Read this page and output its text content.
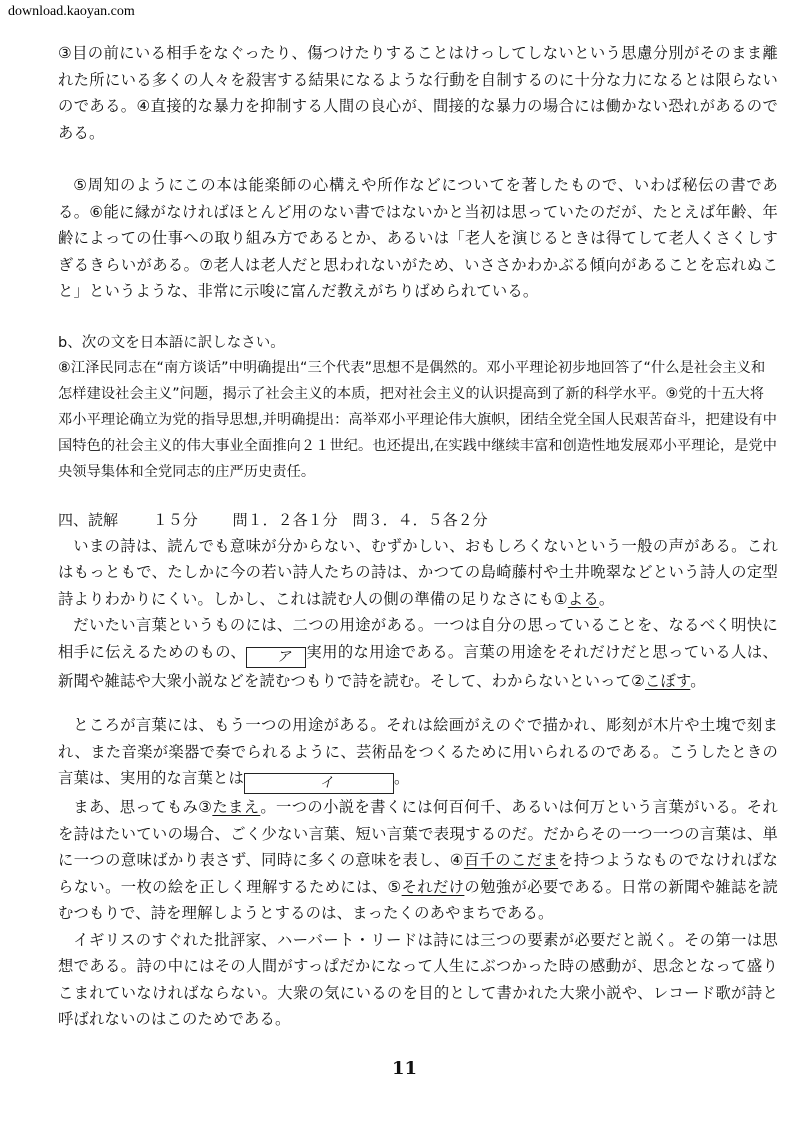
download.kaoyan.com

③目の前にいる相手をなぐったり、傷つけたりすることはけっしてしないという思慮分別がそのまま離れた所にいる多くの人々を殺害する結果になるような行動を自制するのに十分な力になるとは限らないのである。④直接的な暴力を抑制する人間の良心が、間接的な暴力の場合には働かない恐れがあるのである。

⑤周知のようにこの本は能楽師の心構えや所作などについてを著したもので、いわば秘伝の書である。⑥能に縁がなければほとんど用のない書ではないかと当初は思っていたのだが、たとえば年齢、年齢によっての仕事への取り組み方であるとか、あるいは「老人を演じるときは得てして老人くさくしすぎるきらいがある。⑦老人は老人だと思われないがため、いささかわかぶる傾向があることを忘れぬこと」というような、非常に示唆に富んだ教えがちりばめられている。

b、次の文を日本語に訳しなさい。

⑧江泽民同志在“南方谈话”中明确提出“三个代表”思想不是偶然的。邓小平理论初步地回答了“什么是社会主义和怎样建设社会主义”问题，揭示了社会主义的本质，把对社会主义的认识提高到了新的科学水平。⑨党的十五大将邓小平理论确立为党的指导思想,并明确提出：高举邓小平理论伟大旗帜，团结全党全国人民艰苦奋斗，把建设有中国特色的社会主义的伟大事业全面推向２１世纪。也还提出,在实践中继续丰富和创造性地发展邓小平理论，是党中央领导集体和全党同志的庄严历史责任。

四、読解 １５分 問１．２各１分　問３．４．５各２分

いまの詩は、読んでも意味が分からない、むずかしい、おもしろくないという一般の声がある。これはもっともで、たしかに今の若い詩人たちの詩は、かつての島崎藤村や土井晩翠などという詩人の定型詩よりわかりにくい。しかし、これは読む人の側の準備の足りなさにも①よる。

だいたい言葉というものには、二つの用途がある。一つは自分の思っていることを、なるべく明快に相手に伝えるためのもの、 ア 実用的な用途である。言葉の用途をそれだけだと思っている人は、新聞や雑誌や大衆小説などを読むつもりで詩を読む。そして、わからないといって②こぼす。

ところが言葉には、もう一つの用途がある。それは絵画がえのぐで描かれ、彫刻が木片や土塊で刻まれ、また音楽が楽器で奏でられるように、芸術品をつくるために用いられるのである。こうしたときの言葉は、実用的な言葉とは	イ	。

まあ、思ってもみ③たまえ。一つの小説を書くには何百何千、あるいは何万という言葉がいる。それを詩はたいていの場合、ごく少ない言葉、短い言葉で表現するのだ。だからその一つ一つの言葉は、単に一つの意味ばかり表さず、同時に多くの意味を表し、④百千のこだまを持つようなものでなければならない。一枚の絵を正しく理解するためには、⑤それだけの勉強が必要である。日常の新聞や雑誌を読むつもりで、詩を理解しようとするのは、まったくのあやまちである。

イギリスのすぐれた批評家、ハーバート・リードは詩には三つの要素が必要だと説く。その第一は思想である。詩の中にはその人間がすっぱだかになって人生にぶつかった時の感動が、思念となって盛りこまれていなければならない。大衆の気にいるのを目的として書かれた大衆小説や、レコード歌が詩と呼ばれないのはこのためである。

11
